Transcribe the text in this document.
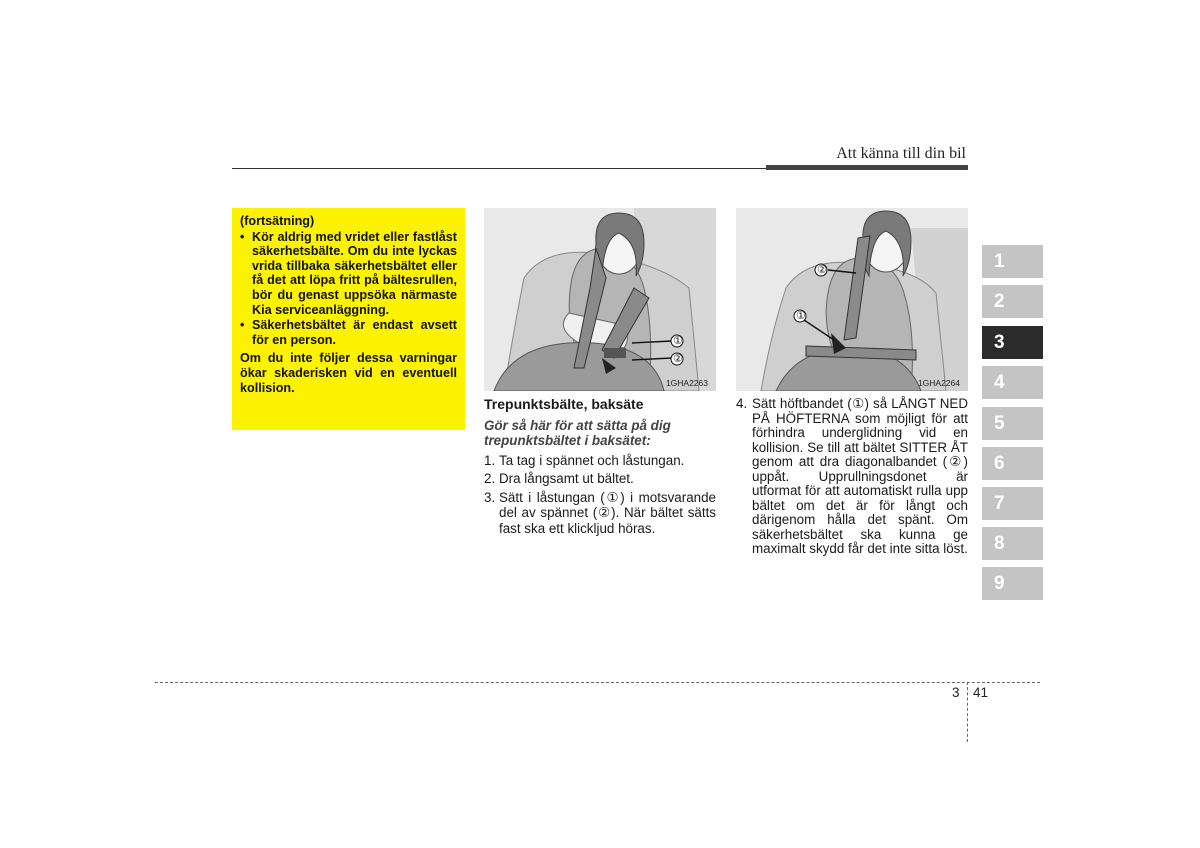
Att känna till din bil

(fortsätning)

• Kör aldrig med vridet eller fastlåst säkerhetsbälte. Om du inte lyckas vrida tillbaka säkerhetsbältet eller få det att löpa fritt på bältesrullen, bör du genast uppsöka närmaste Kia serviceanläggning.
• Säkerhetsbältet är endast avsett för en person.

Om du inte följer dessa varningar ökar skaderisken vid en eventuell kollision.

①
②
1GHA2263
②
①
1GHA2264

Trepunktsbälte, baksäte

Gör så här för att sätta på dig trepunktsbältet i baksätet:

1. Ta tag i spännet och låstungan.
2. Dra långsamt ut bältet.
3. Sätt i låstungan (①) i motsvarande del av spännet (②). När bältet sätts fast ska ett klickljud höras.
4. Sätt höftbandet (①) så LÅNGT NED PÅ HÖFTERNA som möjligt för att förhindra underglidning vid en kollision. Se till att bältet SITTER ÅT genom att dra diagonalbandet (②) uppåt. Upprullningsdonet är utformat för att automatiskt rulla upp bältet om det är för långt och därigenom hålla det spänt. Om säkerhetsbältet ska kunna ge maximalt skydd får det inte sitta löst.
1
2
3
4
5
6
7
8
9
3 41
